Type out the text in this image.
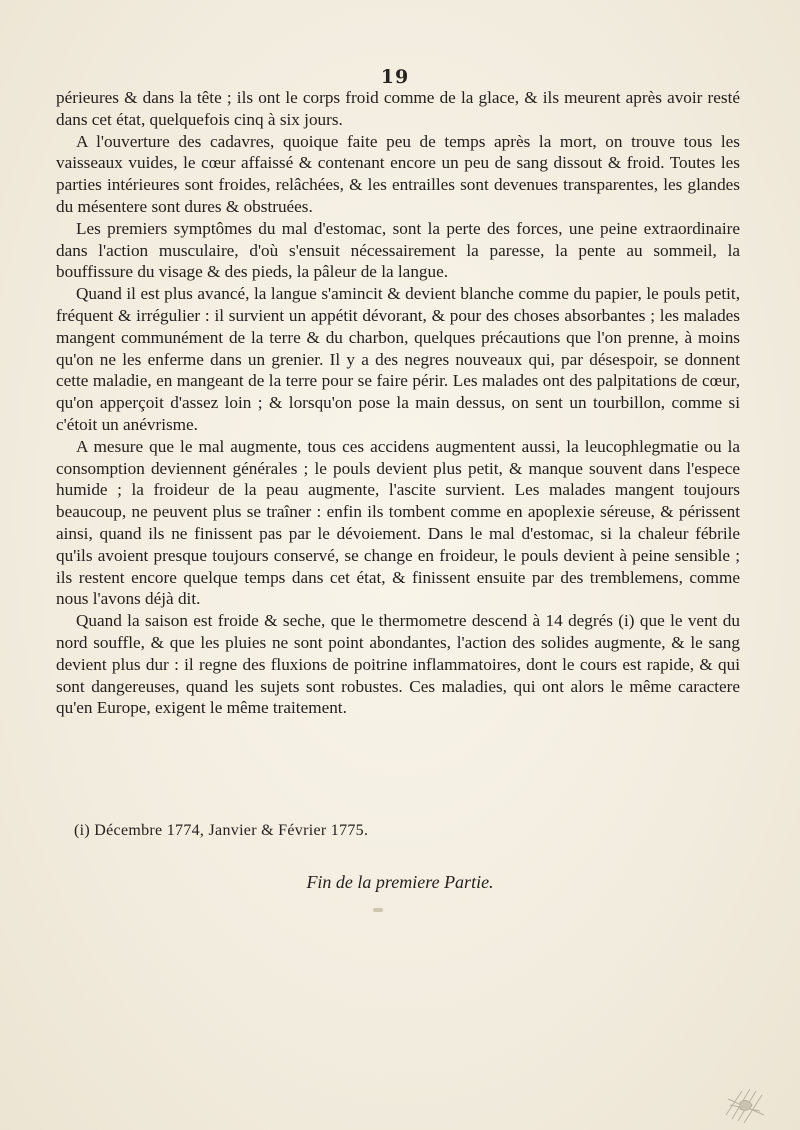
19

périeures & dans la tête ; ils ont le corps froid comme de la glace, & ils meurent après avoir resté dans cet état, quelquefois cinq à six jours.

A l'ouverture des cadavres, quoique faite peu de temps après la mort, on trouve tous les vaisseaux vuides, le cœur affaissé & contenant encore un peu de sang dissout & froid. Toutes les parties intérieures sont froides, relâchées, & les entrailles sont devenues transparentes, les glandes du mésentere sont dures & obstruées.

Les premiers symptômes du mal d'estomac, sont la perte des forces, une peine extraordinaire dans l'action musculaire, d'où s'ensuit nécessairement la paresse, la pente au sommeil, la bouffissure du visage & des pieds, la pâleur de la langue.

Quand il est plus avancé, la langue s'amincit & devient blanche comme du papier, le pouls petit, fréquent & irrégulier : il survient un appétit dévorant, & pour des choses absorbantes ; les malades mangent communément de la terre & du charbon, quelques précautions que l'on prenne, à moins qu'on ne les enferme dans un grenier. Il y a des negres nouveaux qui, par désespoir, se donnent cette maladie, en mangeant de la terre pour se faire périr. Les malades ont des palpitations de cœur, qu'on apperçoit d'assez loin ; & lorsqu'on pose la main dessus, on sent un tourbillon, comme si c'étoit un anévrisme.

A mesure que le mal augmente, tous ces accidens augmentent aussi, la leucophlegmatie ou la consomption deviennent générales ; le pouls devient plus petit, & manque souvent dans l'espece humide ; la froideur de la peau augmente, l'ascite survient. Les malades mangent toujours beaucoup, ne peuvent plus se traîner : enfin ils tombent comme en apoplexie séreuse, & périssent ainsi, quand ils ne finissent pas par le dévoiement. Dans le mal d'estomac, si la chaleur fébrile qu'ils avoient presque toujours conservé, se change en froideur, le pouls devient à peine sensible ; ils restent encore quelque temps dans cet état, & finissent ensuite par des tremblemens, comme nous l'avons déjà dit.

Quand la saison est froide & seche, que le thermometre descend à 14 degrés (i) que le vent du nord souffle, & que les pluies ne sont point abondantes, l'action des solides augmente, & le sang devient plus dur : il regne des fluxions de poitrine inflammatoires, dont le cours est rapide, & qui sont dangereuses, quand les sujets sont robustes. Ces maladies, qui ont alors le même caractere qu'en Europe, exigent le même traitement.

(i) Décembre 1774, Janvier & Février 1775.
Fin de la premiere Partie.
